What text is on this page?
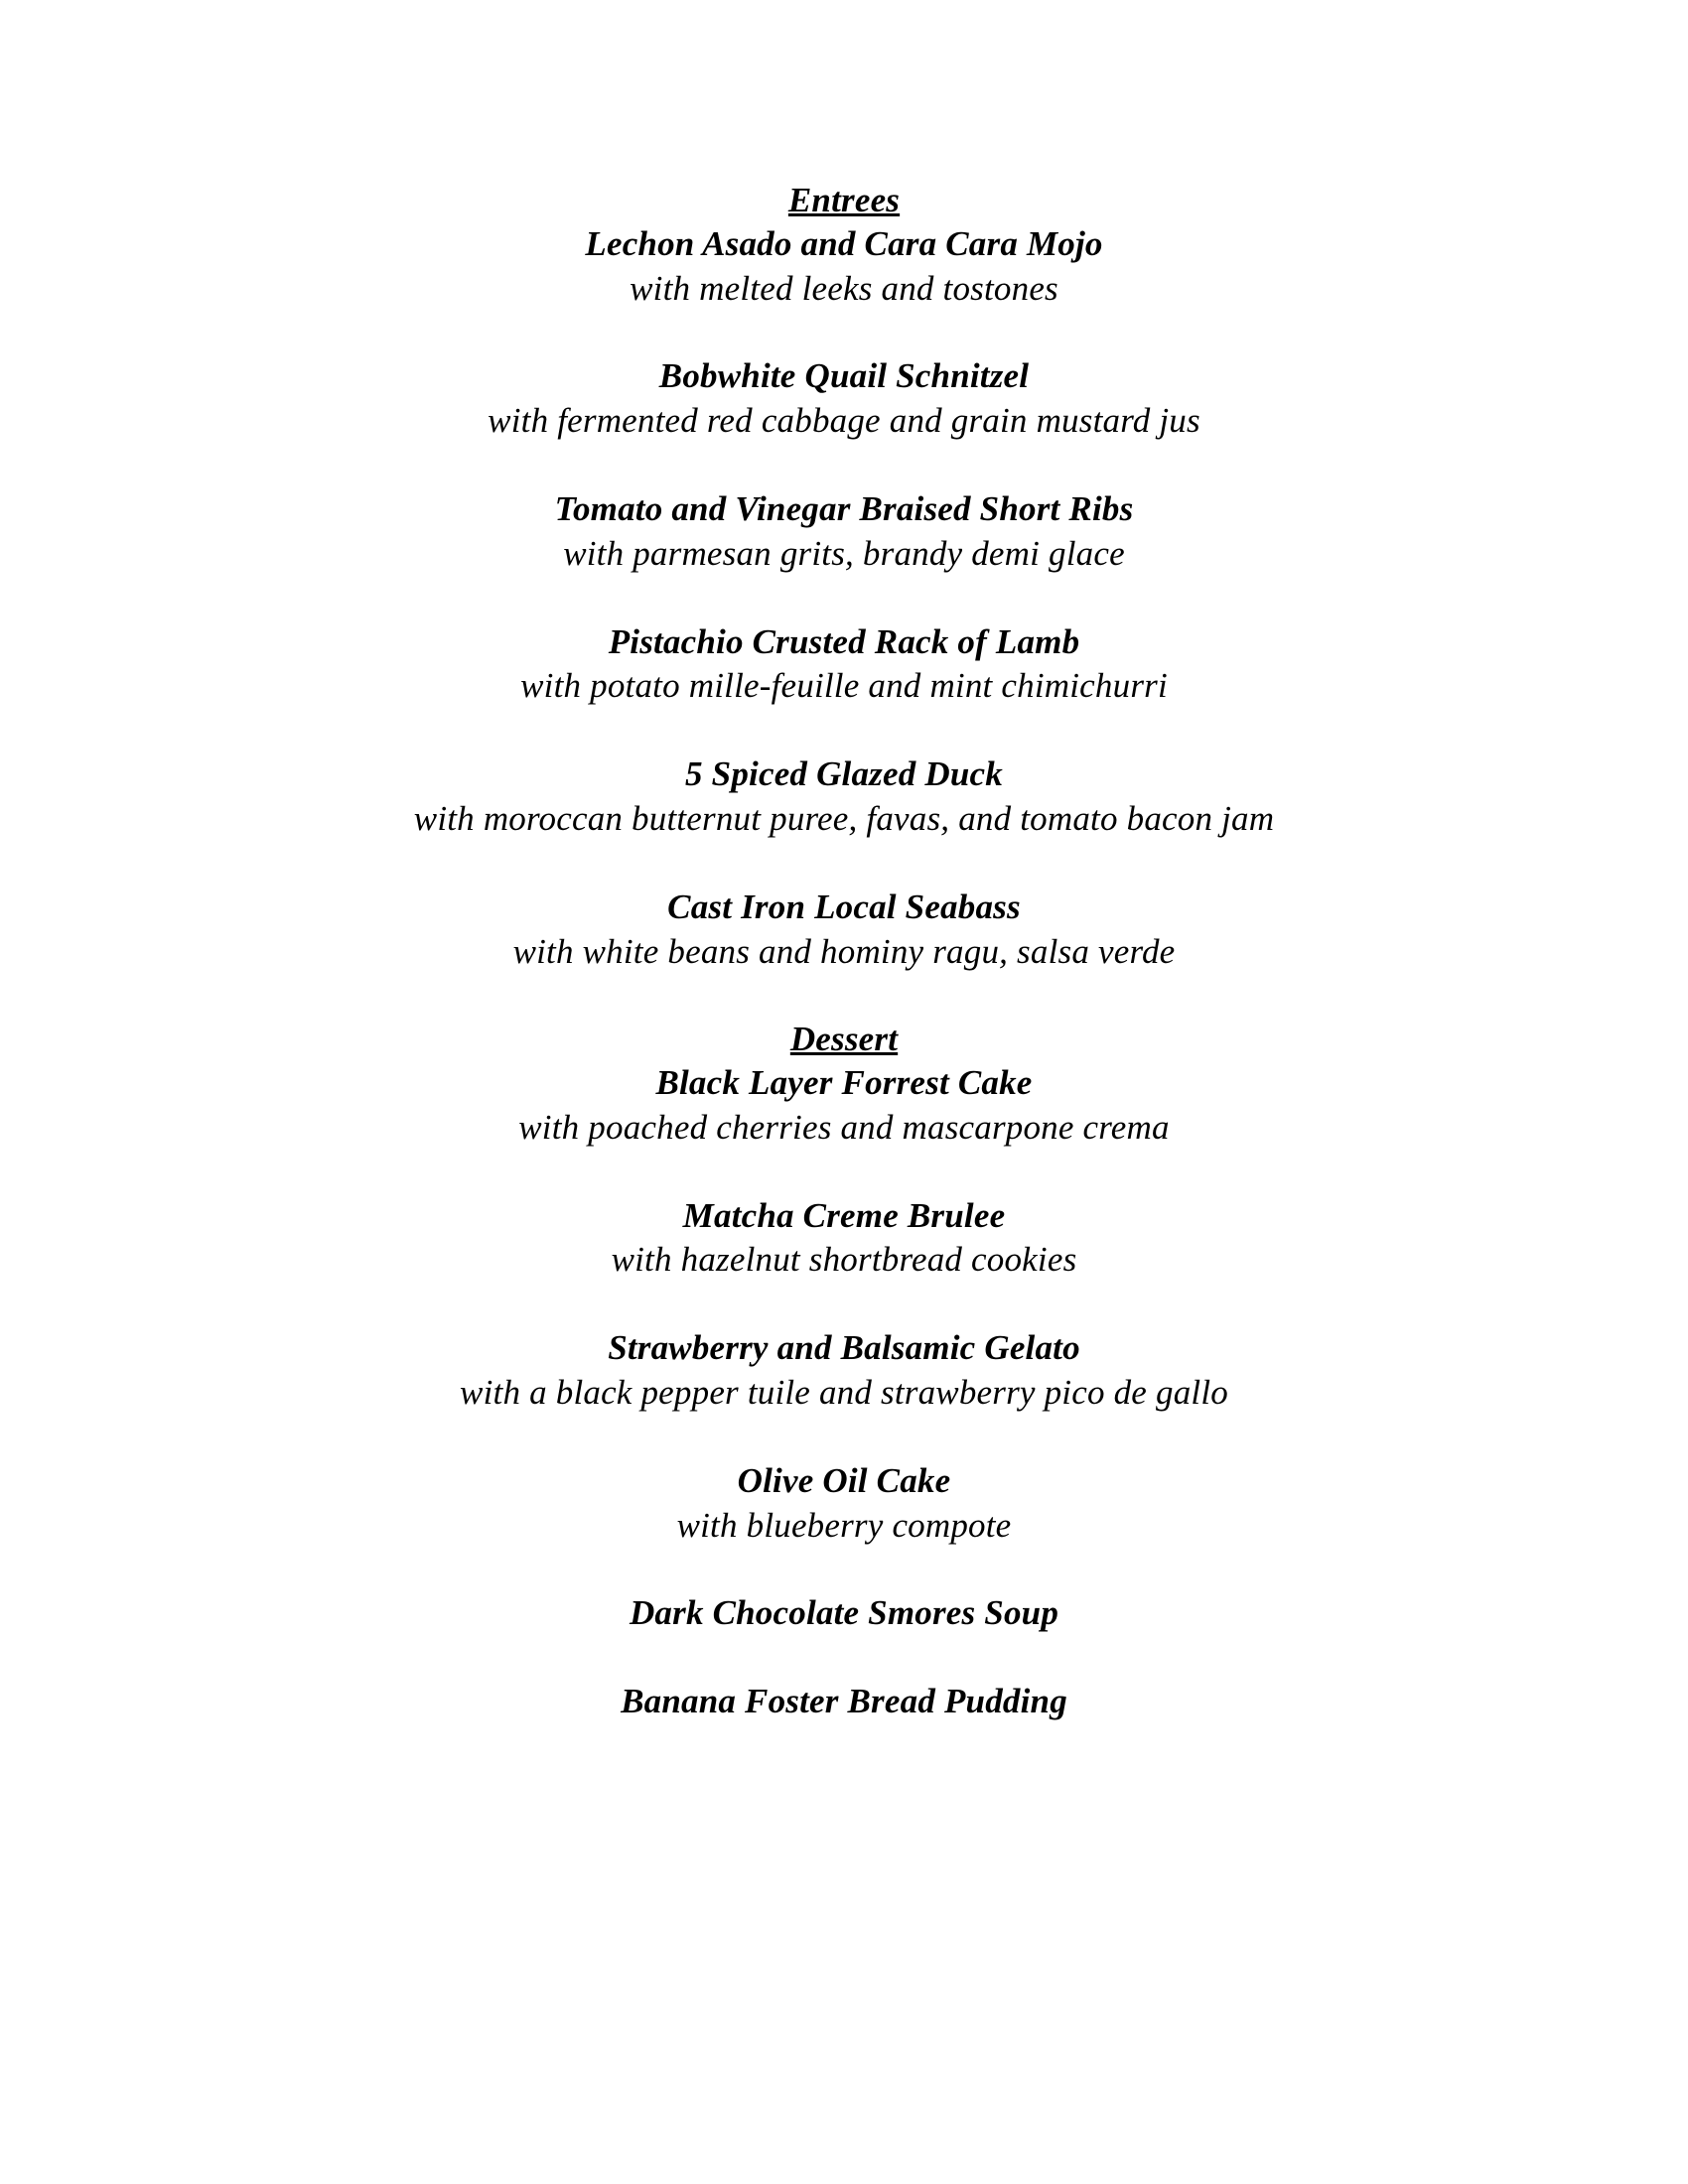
Entrees
Lechon Asado and Cara Cara Mojo
with melted leeks and tostones
Bobwhite Quail Schnitzel
with fermented red cabbage and grain mustard jus
Tomato and Vinegar Braised Short Ribs
with parmesan grits, brandy demi glace
Pistachio Crusted Rack of Lamb
with potato mille-feuille and mint chimichurri
5 Spiced Glazed Duck
with moroccan butternut puree, favas, and tomato bacon jam
Cast Iron Local Seabass
with white beans and hominy ragu, salsa verde
Dessert
Black Layer Forrest Cake
with poached cherries and mascarpone crema
Matcha Creme Brulee
with hazelnut shortbread cookies
Strawberry and Balsamic Gelato
with a black pepper tuile and strawberry pico de gallo
Olive Oil Cake
with blueberry compote
Dark Chocolate Smores Soup
Banana Foster Bread Pudding
